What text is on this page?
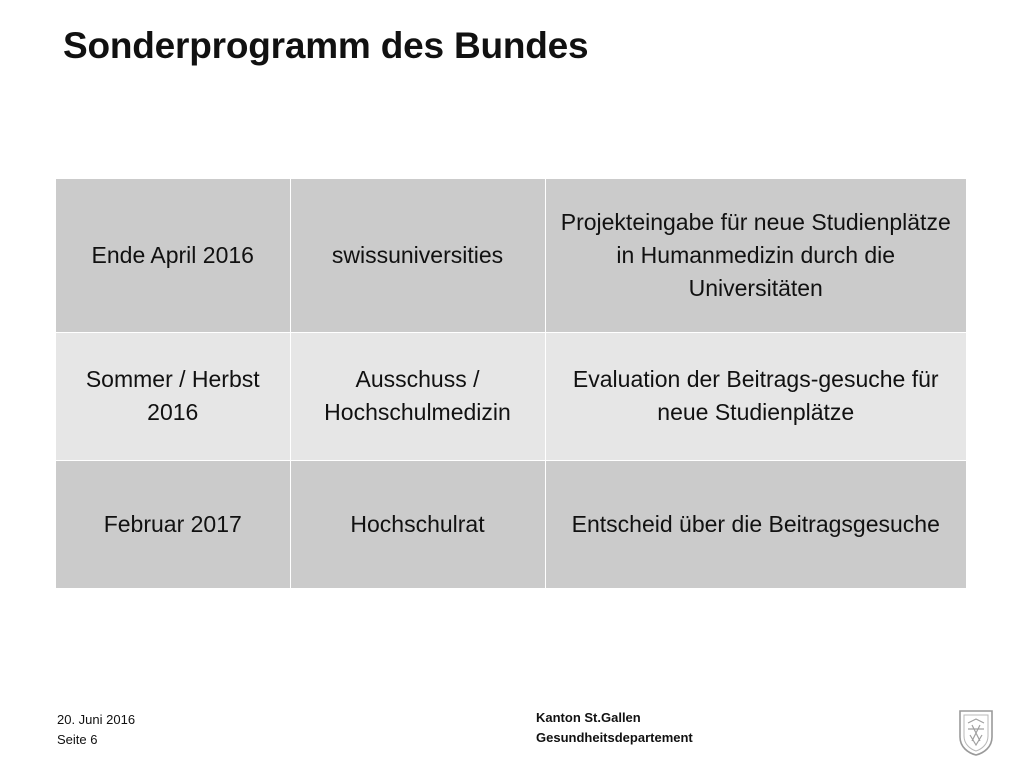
Sonderprogramm des Bundes
Ende April 2016	swissuniversities	Projekteingabe für neue Studienplätze in Humanmedizin durch die Universitäten
Sommer / Herbst 2016	Ausschuss / Hochschulmedizin	Evaluation der Beitrags-gesuche für neue Studienplätze
Februar 2017	Hochschulrat	Entscheid über die Beitragsgesuche
20. Juni 2016
Seite 6
Kanton St.Gallen
Gesundheitsdepartement
